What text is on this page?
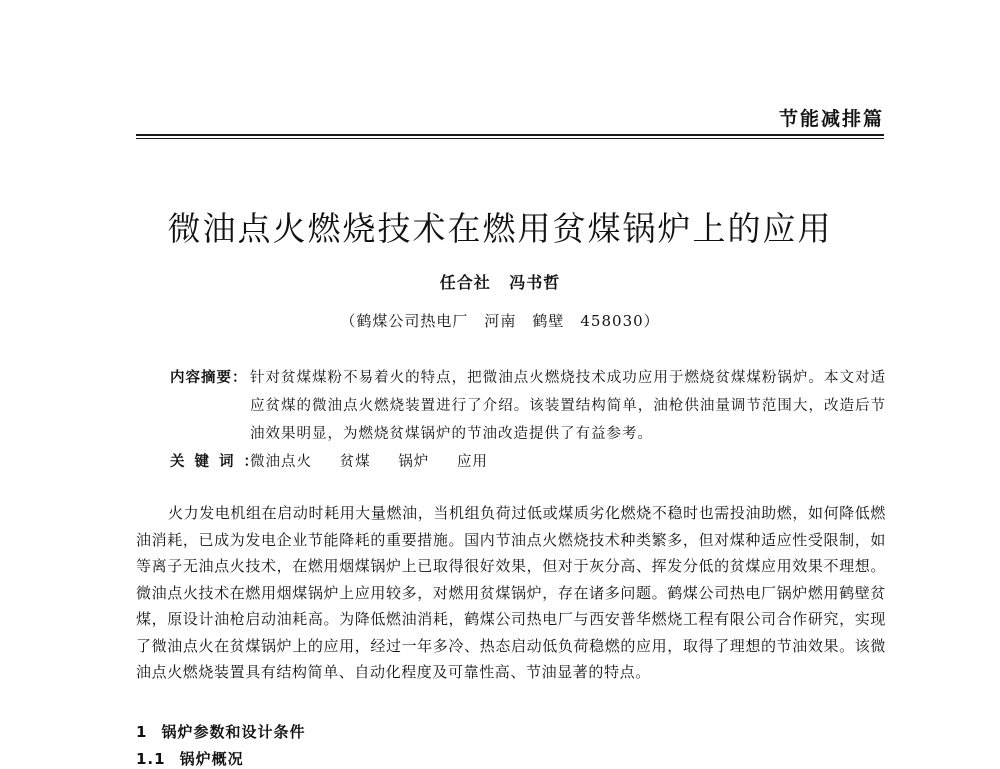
节能减排篇
微油点火燃烧技术在燃用贫煤锅炉上的应用
任合社 冯书哲
（鹤煤公司热电厂 河南 鹤壁 458030）
内容摘要： 针对贫煤煤粉不易着火的特点，把微油点火燃烧技术成功应用于燃烧贫煤煤粉锅炉。本文对适应贫煤的微油点火燃烧装置进行了介绍。该装置结构简单，油枪供油量调节范围大，改造后节油效果明显，为燃烧贫煤锅炉的节油改造提供了有益参考。
关键词：
微油点火 贫煤 锅炉 应用
火力发电机组在启动时耗用大量燃油，当机组负荷过低或煤质劣化燃烧不稳时也需投油助燃，如何降低燃油消耗，已成为发电企业节能降耗的重要措施。国内节油点火燃烧技术种类繁多，但对煤种适应性受限制，如等离子无油点火技术，在燃用烟煤锅炉上已取得很好效果，但对于灰分高、挥发分低的贫煤应用效果不理想。微油点火技术在燃用烟煤锅炉上应用较多，对燃用贫煤锅炉，存在诸多问题。鹤煤公司热电厂锅炉燃用鹤壁贫煤，原设计油枪启动油耗高。为降低燃油消耗，鹤煤公司热电厂与西安普华燃烧工程有限公司合作研究，实现了微油点火在贫煤锅炉上的应用，经过一年多冷、热态启动低负荷稳燃的应用，取得了理想的节油效果。该微油点火燃烧装置具有结构简单、自动化程度及可靠性高、节油显著的特点。
1 锅炉参数和设计条件
1.1 锅炉概况
